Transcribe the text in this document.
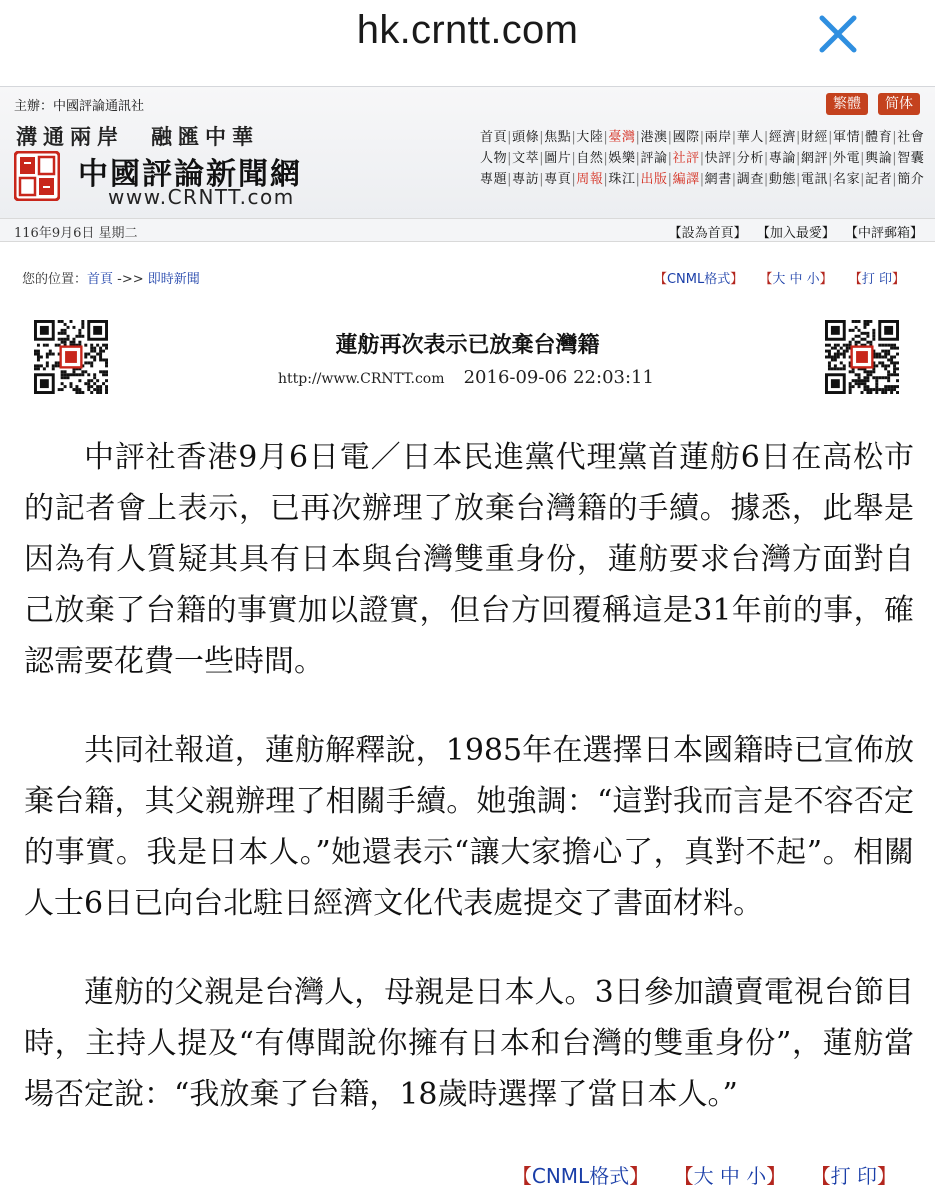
hk.crntt.com
主辦：中國評論通訊社	繁體	简体
溝通兩岸　融匯中華
中國評論新聞網
www.CRNTT.com
首頁|頭條|焦點|大陸|臺灣|港澳|國際|兩岸|華人|經濟|財經|軍情|體育|社會
人物|文萃|圖片|自然|娛樂|評論|社評|快評|分析|專論|網評|外電|輿論|智囊
專題|專訪|專頁|周報|珠江|出版|編譯|網書|調查|動態|電訊|名家|記者|簡介
116年9月6日 星期二	【設為首頁】 【加入最愛】 【中評郵箱】
您的位置：首頁 ->> 即時新聞	【CNML格式】 【大 中 小】 【打 印】
蓮舫再次表示已放棄台灣籍
http://www.CRNTT.com 2016-09-06 22:03:11

中評社香港9月6日電／日本民進黨代理黨首蓮舫6日在高松市的記者會上表示，已再次辦理了放棄台灣籍的手續。據悉，此舉是因為有人質疑其具有日本與台灣雙重身份，蓮舫要求台灣方面對自己放棄了台籍的事實加以證實，但台方回覆稱這是31年前的事，確認需要花費一些時間。

共同社報道，蓮舫解釋說，1985年在選擇日本國籍時已宣佈放棄台籍，其父親辦理了相關手續。她強調：“這對我而言是不容否定的事實。我是日本人。”她還表示“讓大家擔心了，真對不起”。相關人士6日已向台北駐日經濟文化代表處提交了書面材料。

蓮舫的父親是台灣人，母親是日本人。3日參加讀賣電視台節目時，主持人提及“有傳聞說你擁有日本和台灣的雙重身份”，蓮舫當場否定說：“我放棄了台籍，18歲時選擇了當日本人。”

【CNML格式】 【大 中 小】 【打 印】
